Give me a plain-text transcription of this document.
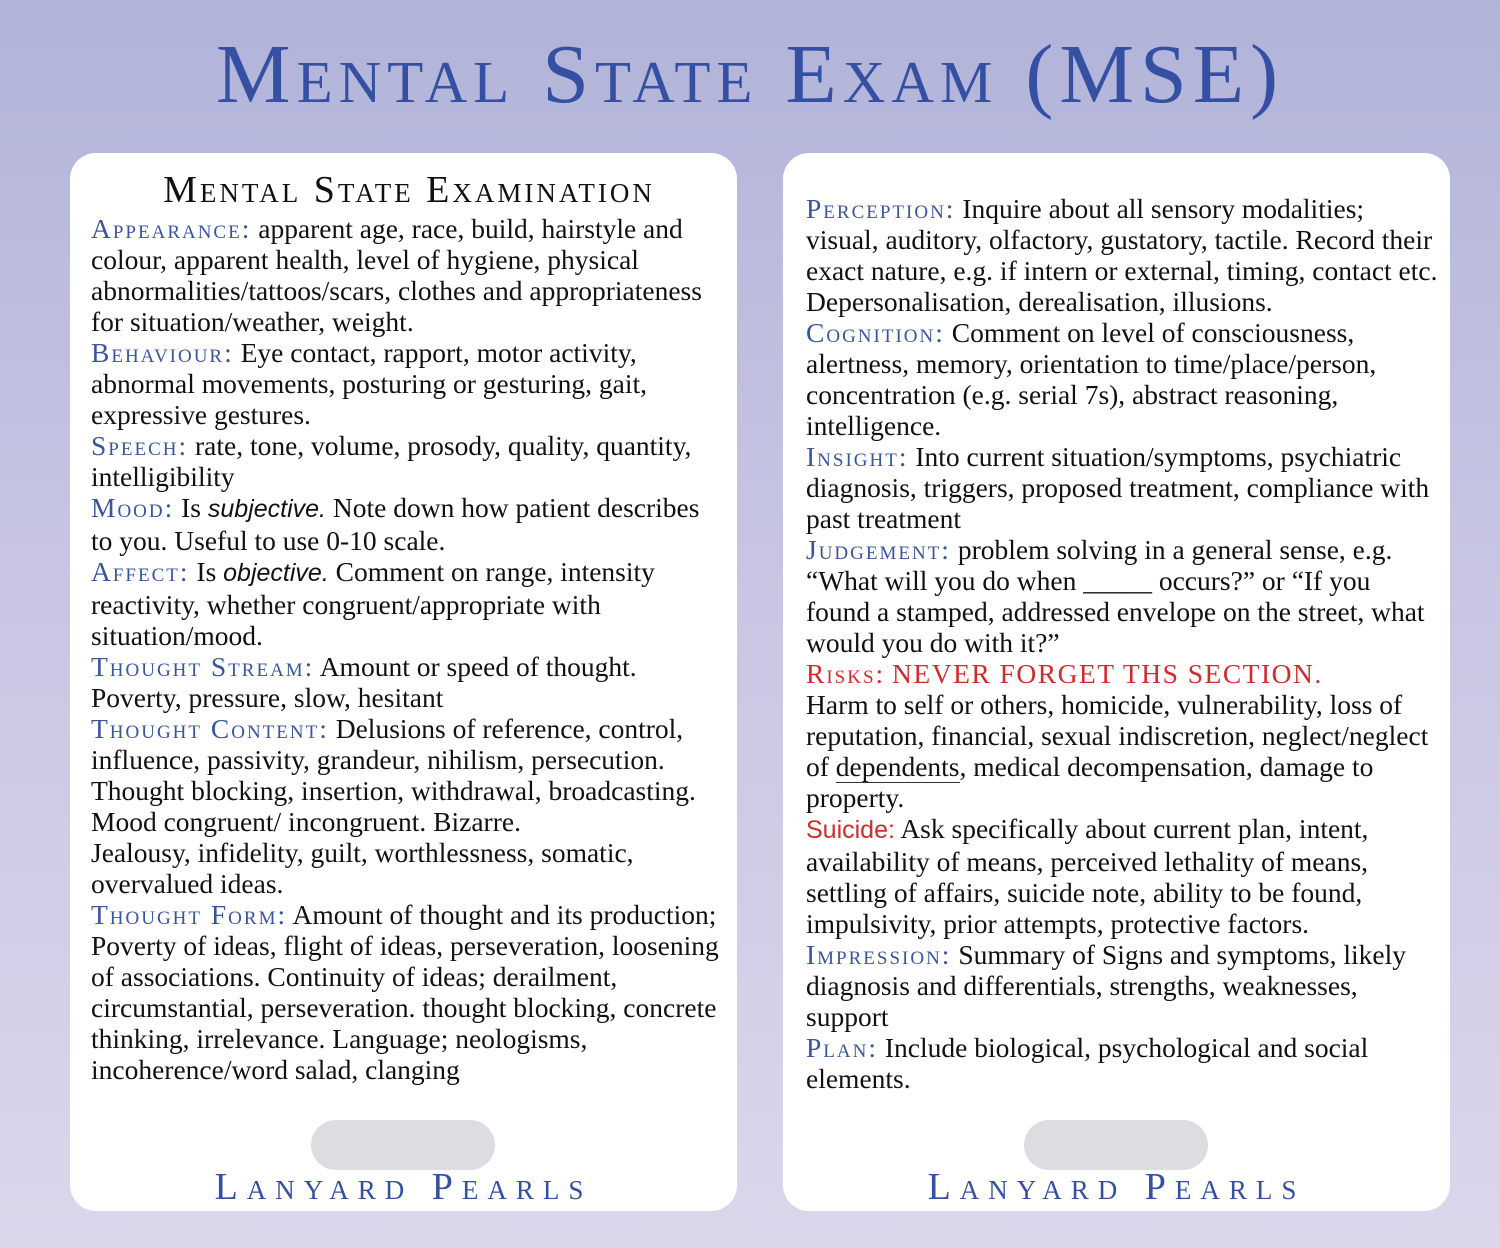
Mental State Exam (MSE)
Mental State Examination

Appearance: apparent age, race, build, hairstyle and colour, apparent health, level of hygiene, physical abnormalities/tattoos/scars, clothes and appropriateness for situation/weather, weight.

Behaviour: Eye contact, rapport, motor activity, abnormal movements, posturing or gesturing, gait, expressive gestures.

Speech: rate, tone, volume, prosody, quality, quantity, intelligibility

Mood: Is subjective. Note down how patient describes to you. Useful to use 0-10 scale.

Affect: Is objective. Comment on range, intensity reactivity, whether congruent/appropriate with situation/mood.

Thought Stream: Amount or speed of thought. Poverty, pressure, slow, hesitant

Thought Content: Delusions of reference, control, influence, passivity, grandeur, nihilism, persecution. Thought blocking, insertion, withdrawal, broadcasting. Mood congruent/ incongruent. Bizarre.
Jealousy, infidelity, guilt, worthlessness, somatic, overvalued ideas.

Thought Form: Amount of thought and its production; Poverty of ideas, flight of ideas, perseveration, loosening of associations. Continuity of ideas; derailment, circumstantial, perseveration. thought blocking, concrete thinking, irrelevance. Language; neologisms, incoherence/word salad, clanging

Lanyard Pearls

Perception: Inquire about all sensory modalities; visual, auditory, olfactory, gustatory, tactile. Record their exact nature, e.g. if intern or external, timing, contact etc. Depersonalisation, derealisation, illusions.

Cognition: Comment on level of consciousness, alertness, memory, orientation to time/place/person, concentration (e.g. serial 7s), abstract reasoning, intelligence.

Insight: Into current situation/symptoms, psychiatric diagnosis, triggers, proposed treatment, compliance with past treatment

Judgement: problem solving in a general sense, e.g. “What will you do when _____ occurs?” or “If you found a stamped, addressed envelope on the street, what would you do with it?”

Risks: NEVER FORGET THS SECTION.
Harm to self or others, homicide, vulnerability, loss of reputation, financial, sexual indiscretion, neglect/neglect of dependents, medical decompensation, damage to property.

Suicide: Ask specifically about current plan, intent, availability of means, perceived lethality of means, settling of affairs, suicide note, ability to be found, impulsivity, prior attempts, protective factors.

Impression: Summary of Signs and symptoms, likely diagnosis and differentials, strengths, weaknesses, support

Plan: Include biological, psychological and social elements.

Lanyard Pearls
